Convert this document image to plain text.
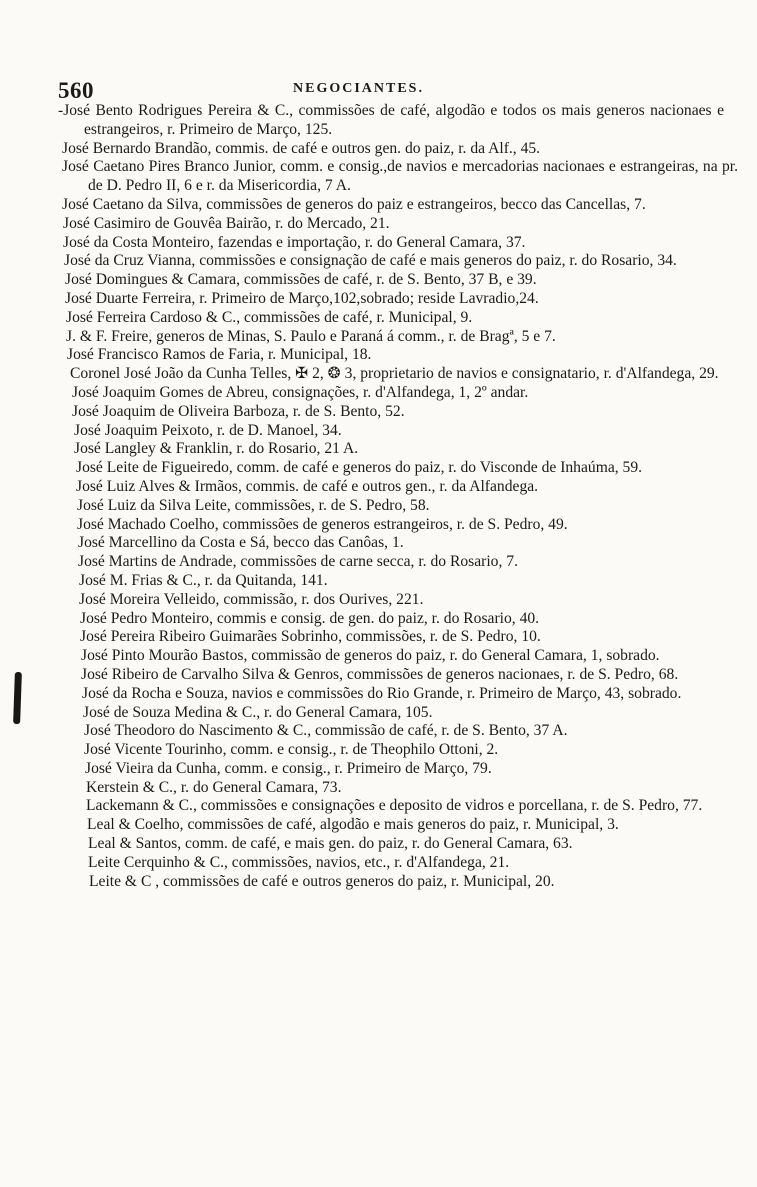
560	NEGOCIANTES.
-José Bento Rodrigues Pereira & C., commissões de café, algodão e todos os mais generos nacionaes e estrangeiros, r. Primeiro de Março, 125.
José Bernardo Brandão, commis. de café e outros gen. do paiz, r. da Alf., 45.
José Caetano Pires Branco Junior, comm. e consig.,de navios e mercadorias nacionaes e estrangeiras, na pr. de D. Pedro II, 6 e r. da Misericordia, 7 A.
José Caetano da Silva, commissões de generos do paiz e estrangeiros, becco das Cancellas, 7.
José Casimiro de Gouvêa Bairão, r. do Mercado, 21.
José da Costa Monteiro, fazendas e importação, r. do General Camara, 37.
José da Cruz Vianna, commissões e consignação de café e mais generos do paiz, r. do Rosario, 34.
José Domingues & Camara, commissões de café, r. de S. Bento, 37 B, e 39.
José Duarte Ferreira, r. Primeiro de Março,102,sobrado; reside Lavradio,24.
José Ferreira Cardoso & C., commissões de café, r. Municipal, 9.
J. & F. Freire, generos de Minas, S. Paulo e Paraná á comm., r. de Bragª, 5 e 7.
José Francisco Ramos de Faria, r. Municipal, 18.
Coronel José João da Cunha Telles, ✠ 2, ❂ 3, proprietario de navios e consignatario, r. d'Alfandega, 29.
José Joaquim Gomes de Abreu, consignações, r. d'Alfandega, 1, 2º andar.
José Joaquim de Oliveira Barboza, r. de S. Bento, 52.
José Joaquim Peixoto, r. de D. Manoel, 34.
José Langley & Franklin, r. do Rosario, 21 A.
José Leite de Figueiredo, comm. de café e generos do paiz, r. do Visconde de Inhaúma, 59.
José Luiz Alves & Irmãos, commis. de café e outros gen., r. da Alfandega.
José Luiz da Silva Leite, commissões, r. de S. Pedro, 58.
José Machado Coelho, commissões de generos estrangeiros, r. de S. Pedro, 49.
José Marcellino da Costa e Sá, becco das Canôas, 1.
José Martins de Andrade, commissões de carne secca, r. do Rosario, 7.
José M. Frias & C., r. da Quitanda, 141.
José Moreira Velleido, commissão, r. dos Ourives, 221.
José Pedro Monteiro, commis e consig. de gen. do paiz, r. do Rosario, 40.
José Pereira Ribeiro Guimarães Sobrinho, commissões, r. de S. Pedro, 10.
José Pinto Mourão Bastos, commissão de generos do paiz, r. do General Camara, 1, sobrado.
José Ribeiro de Carvalho Silva & Genros, commissões de generos nacionaes, r. de S. Pedro, 68.
José da Rocha e Souza, navios e commissões do Rio Grande, r. Primeiro de Março, 43, sobrado.
José de Souza Medina & C., r. do General Camara, 105.
José Theodoro do Nascimento & C., commissão de café, r. de S. Bento, 37 A.
José Vicente Tourinho, comm. e consig., r. de Theophilo Ottoni, 2.
José Vieira da Cunha, comm. e consig., r. Primeiro de Março, 79.
Kerstein & C., r. do General Camara, 73.
Lackemann & C., commissões e consignações e deposito de vidros e porcellana, r. de S. Pedro, 77.
Leal & Coelho, commissões de café, algodão e mais generos do paiz, r. Municipal, 3.
Leal & Santos, comm. de café, e mais gen. do paiz, r. do General Camara, 63.
Leite Cerquinho & C., commissões, navios, etc., r. d'Alfandega, 21.
Leite & C , commissões de café e outros generos do paiz, r. Municipal, 20.
